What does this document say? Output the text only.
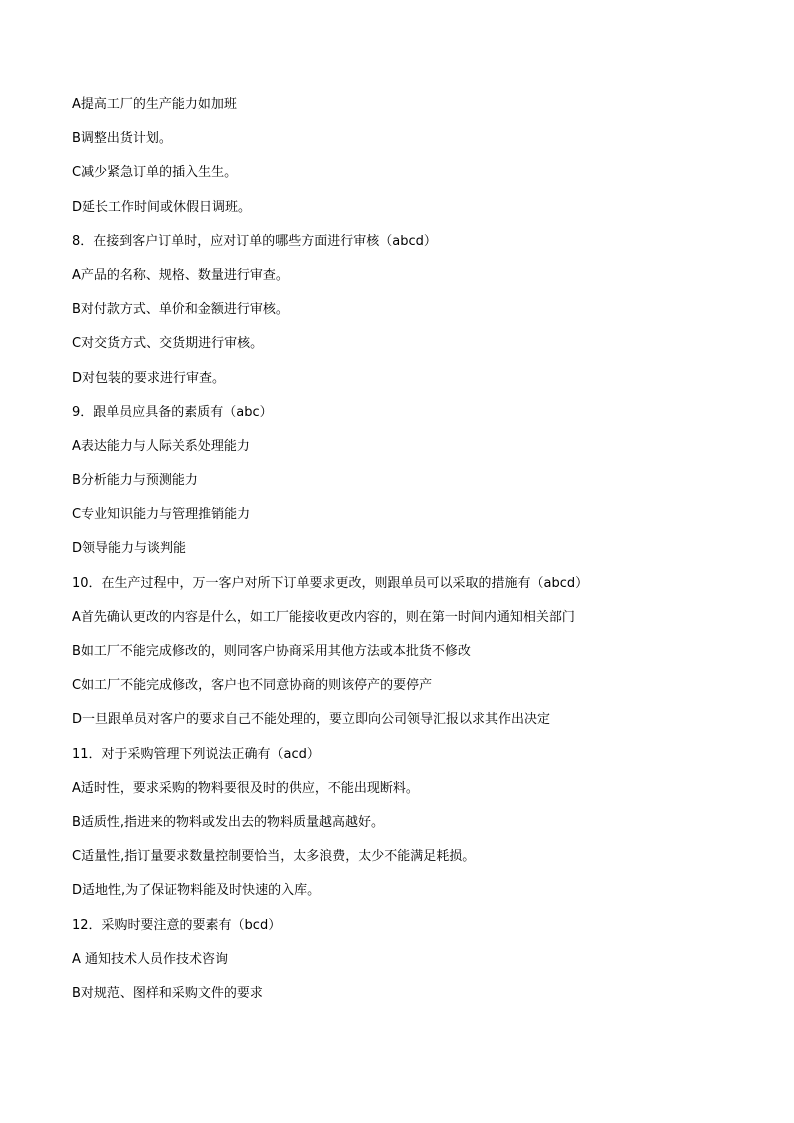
A提高工厂的生产能力如加班
B调整出货计划。
C减少紧急订单的插入生生。
D延长工作时间或休假日调班。
8．在接到客户订单时，应对订单的哪些方面进行审核（abcd）
A产品的名称、规格、数量进行审查。
B对付款方式、单价和金额进行审核。
C对交货方式、交货期进行审核。
D对包装的要求进行审查。
9．跟单员应具备的素质有（abc）
A表达能力与人际关系处理能力
B分析能力与预测能力
C专业知识能力与管理推销能力
D领导能力与谈判能
10．在生产过程中，万一客户对所下订单要求更改，则跟单员可以采取的措施有（abcd）
A首先确认更改的内容是什么，如工厂能接收更改内容的，则在第一时间内通知相关部门
B如工厂不能完成修改的，则同客户协商采用其他方法或本批货不修改
C如工厂不能完成修改，客户也不同意协商的则该停产的要停产
D一旦跟单员对客户的要求自己不能处理的，要立即向公司领导汇报以求其作出决定
11．对于采购管理下列说法正确有（acd）
A适时性，要求采购的物料要很及时的供应，不能出现断料。
B适质性,指进来的物料或发出去的物料质量越高越好。
C适量性,指订量要求数量控制要恰当，太多浪费，太少不能满足耗损。
D适地性,为了保证物料能及时快速的入库。
12．采购时要注意的要素有（bcd）
A 通知技术人员作技术咨询
B对规范、图样和采购文件的要求
